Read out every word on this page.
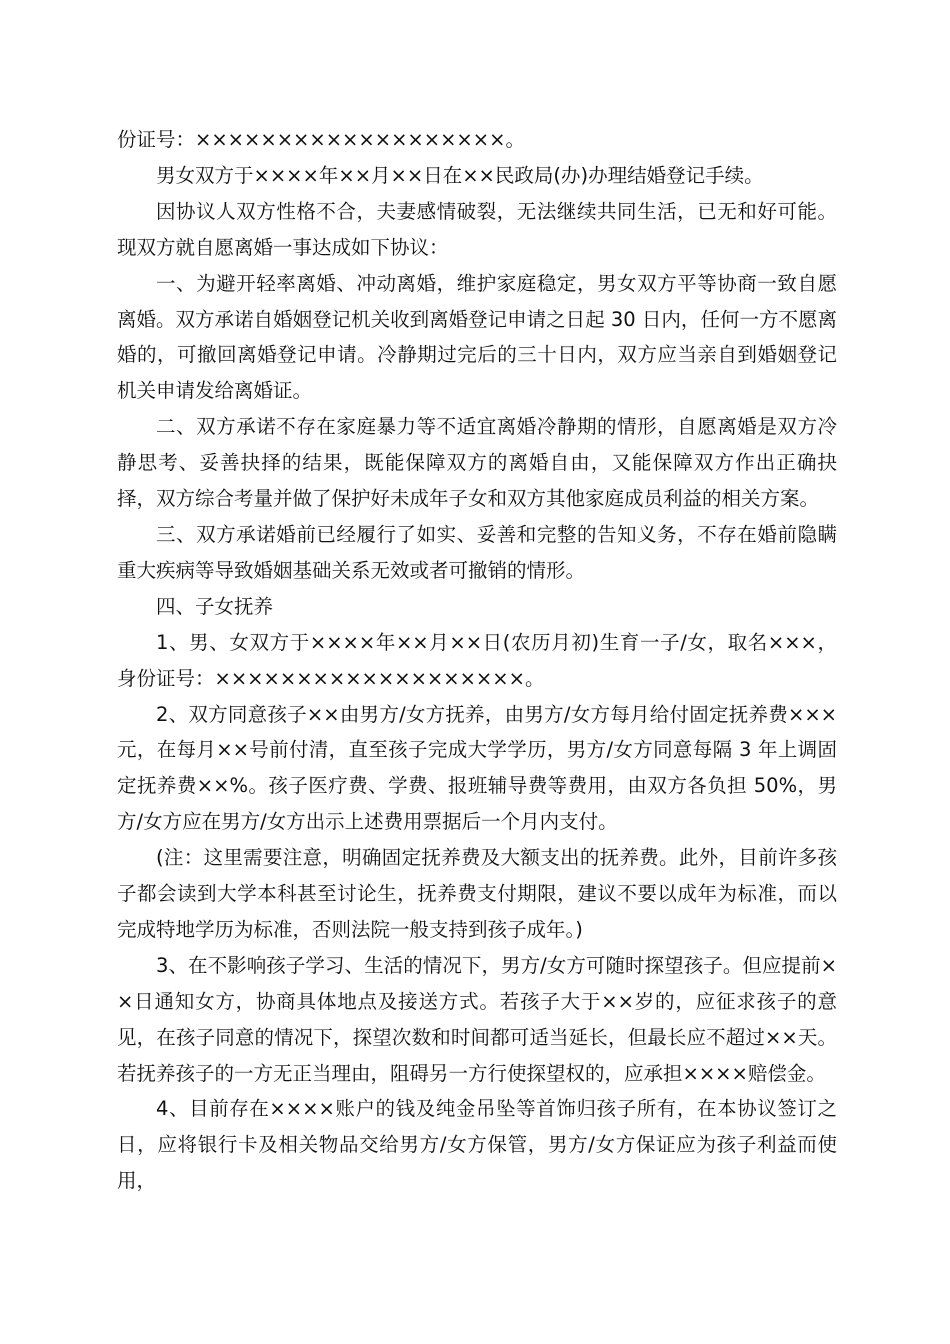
份证号：×××××××××××××××××××。

男女双方于××××年××月××日在××民政局(办)办理结婚登记手续。

因协议人双方性格不合，夫妻感情破裂，无法继续共同生活，已无和好可能。现双方就自愿离婚一事达成如下协议：

一、为避开轻率离婚、冲动离婚，维护家庭稳定，男女双方平等协商一致自愿离婚。双方承诺自婚姻登记机关收到离婚登记申请之日起 30 日内，任何一方不愿离婚的，可撤回离婚登记申请。冷静期过完后的三十日内，双方应当亲自到婚姻登记机关申请发给离婚证。

二、双方承诺不存在家庭暴力等不适宜离婚冷静期的情形，自愿离婚是双方冷静思考、妥善抉择的结果，既能保障双方的离婚自由，又能保障双方作出正确抉择，双方综合考量并做了保护好未成年子女和双方其他家庭成员利益的相关方案。

三、双方承诺婚前已经履行了如实、妥善和完整的告知义务，不存在婚前隐瞒重大疾病等导致婚姻基础关系无效或者可撤销的情形。

四、子女抚养

1、男、女双方于××××年××月××日(农历月初)生育一子/女，取名×××，身份证号：×××××××××××××××××××。

2、双方同意孩子××由男方/女方抚养，由男方/女方每月给付固定抚养费×××元，在每月××号前付清，直至孩子完成大学学历，男方/女方同意每隔 3 年上调固定抚养费××%。孩子医疗费、学费、报班辅导费等费用，由双方各负担 50%，男方/女方应在男方/女方出示上述费用票据后一个月内支付。

(注：这里需要注意，明确固定抚养费及大额支出的抚养费。此外，目前许多孩子都会读到大学本科甚至讨论生，抚养费支付期限，建议不要以成年为标准，而以完成特地学历为标准，否则法院一般支持到孩子成年。)

3、在不影响孩子学习、生活的情况下，男方/女方可随时探望孩子。但应提前××日通知女方，协商具体地点及接送方式。若孩子大于××岁的，应征求孩子的意见，在孩子同意的情况下，探望次数和时间都可适当延长，但最长应不超过××天。若抚养孩子的一方无正当理由，阻碍另一方行使探望权的，应承担××××赔偿金。

4、目前存在××××账户的钱及纯金吊坠等首饰归孩子所有，在本协议签订之日，应将银行卡及相关物品交给男方/女方保管，男方/女方保证应为孩子利益而使用，
